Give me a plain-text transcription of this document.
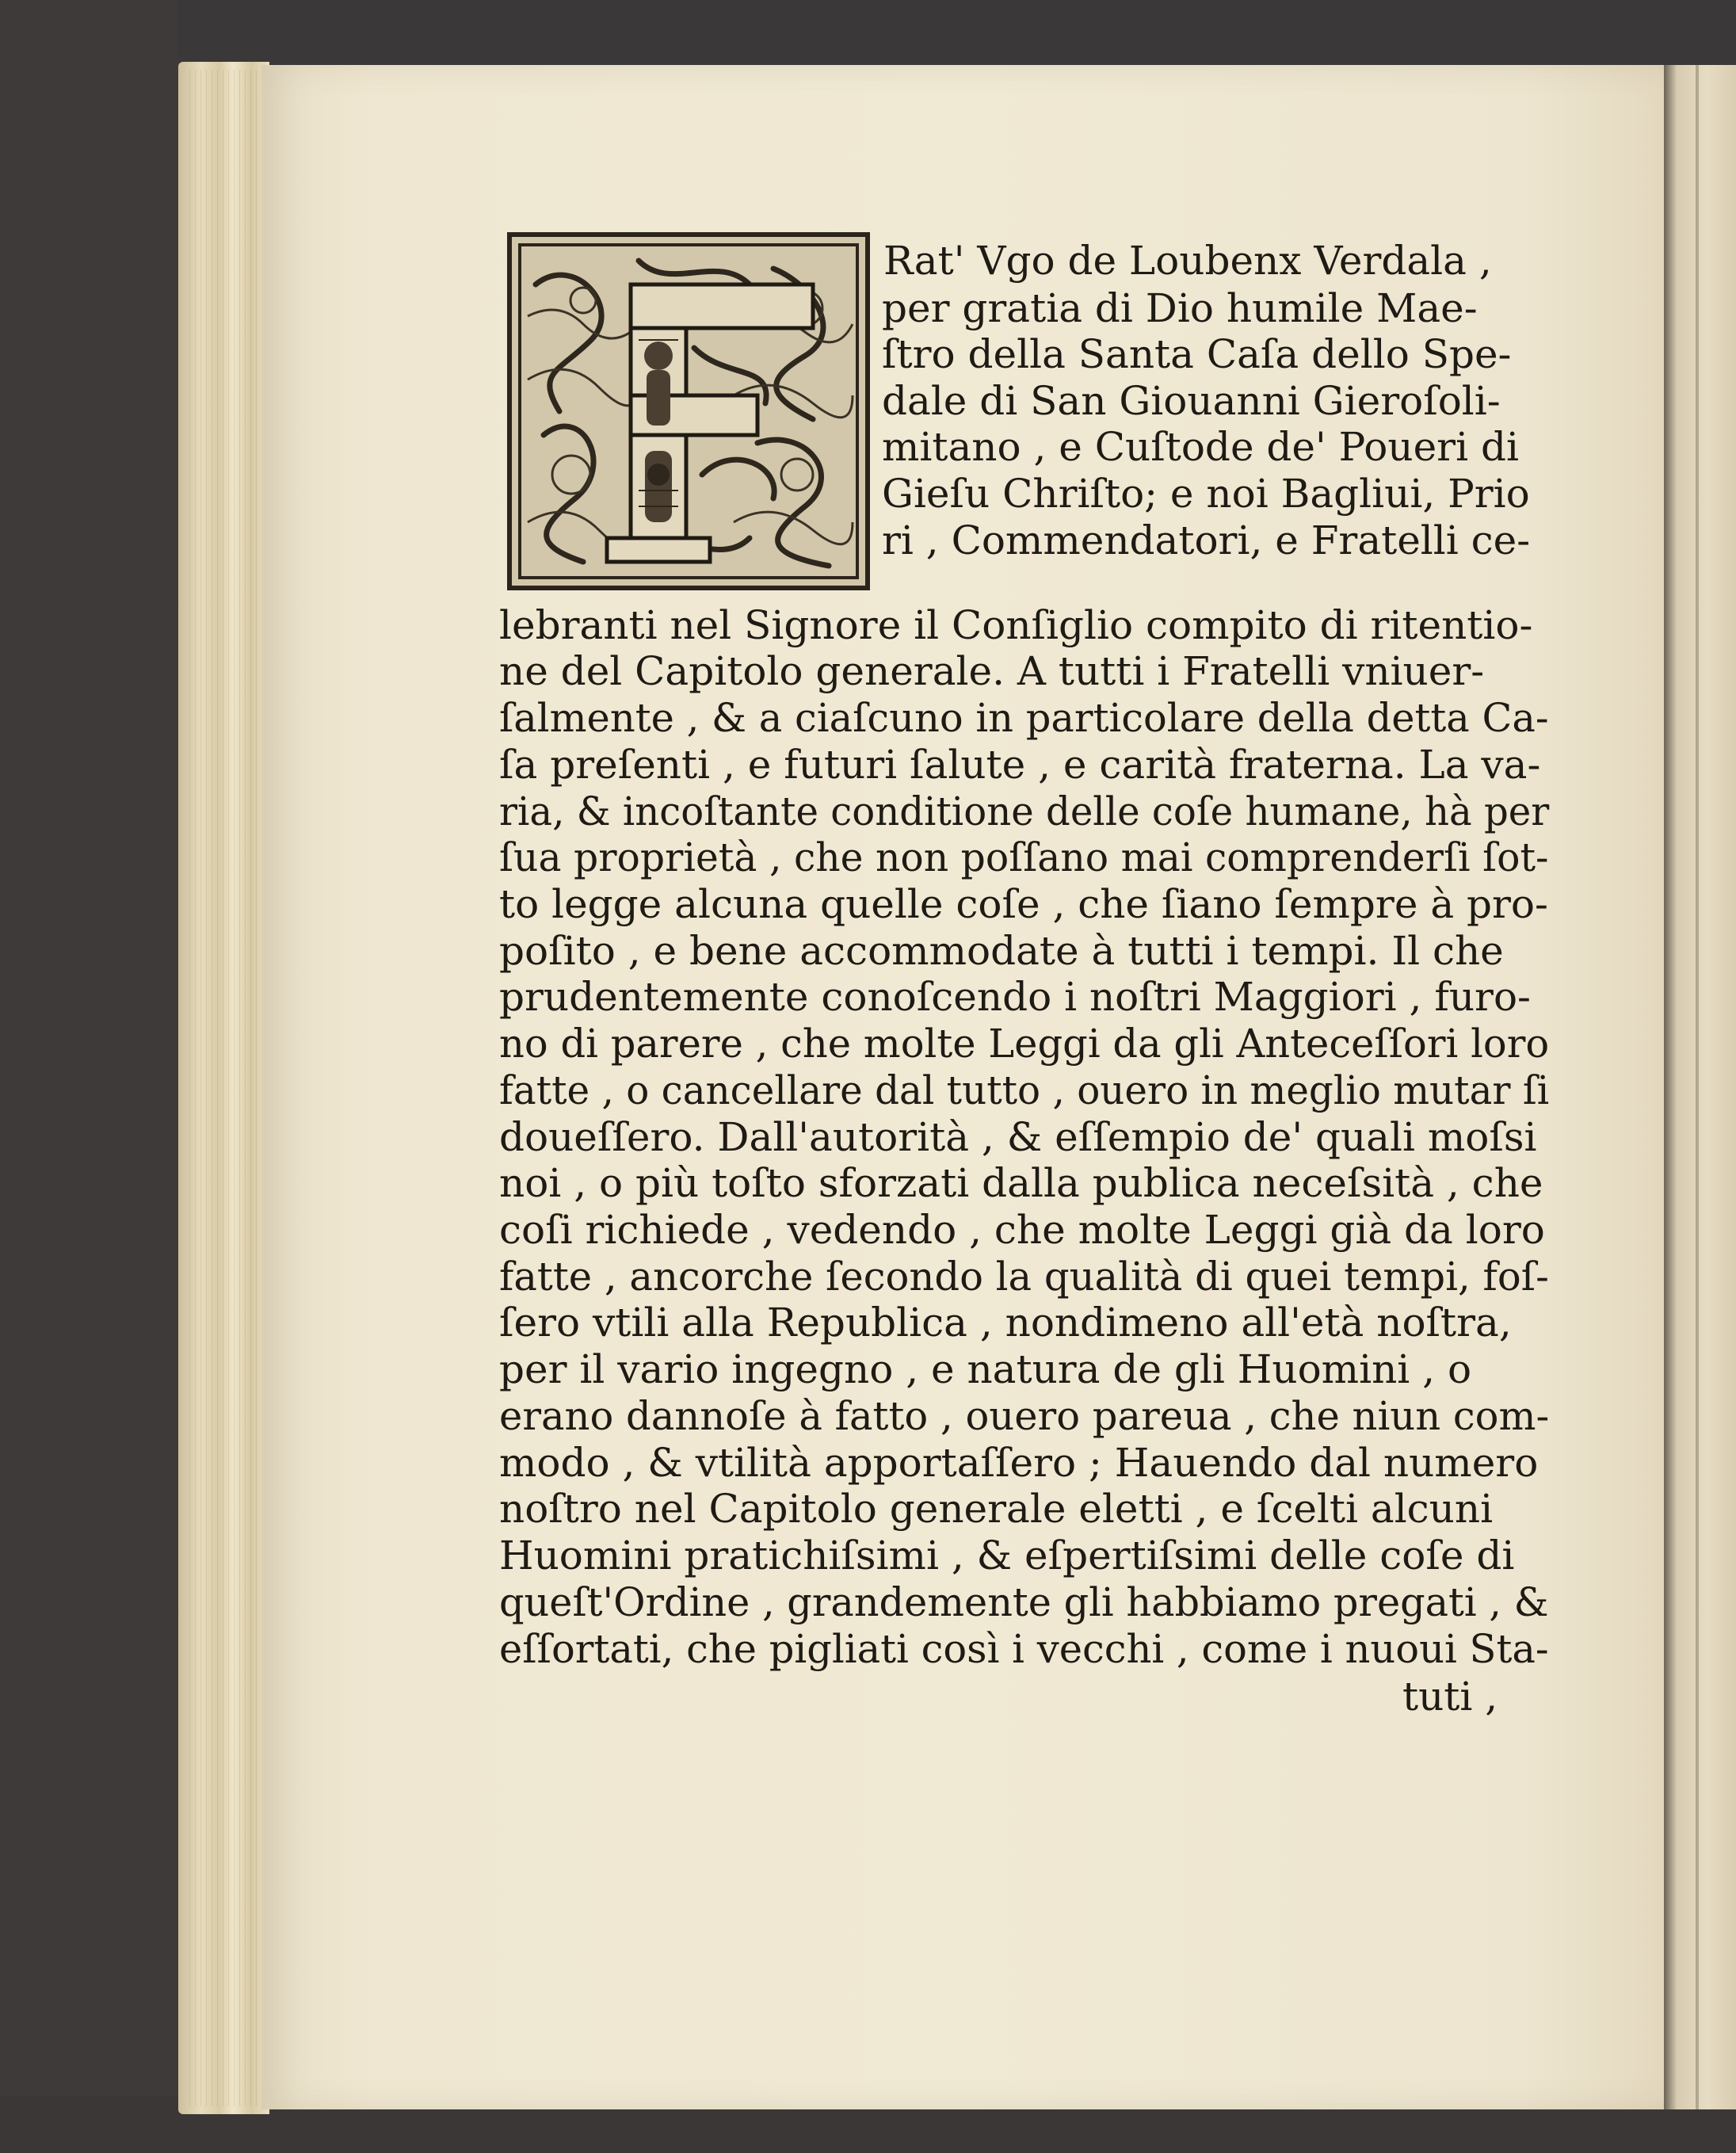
Rat' Vgo de Loubenx Verdala ,
per gratia di Dio humile Mae-
ſtro della Santa Caſa dello Spe-
dale di San Giouanni Gieroſoli-
mitano , e Cuſtode de' Poueri di
Gieſu Chriſto; e noi Bagliui, Prio
ri , Commendatori, e Fratelli ce-
lebranti nel Signore il Conſiglio compito di ritentio-
ne del Capitolo generale. A tutti i Fratelli vniuer-
ſalmente , & a ciaſcuno in particolare della detta Ca-
ſa preſenti , e futuri ſalute , e carità fraterna. La va-
ria, & incoſtante conditione delle coſe humane, hà per
ſua proprietà , che non poſſano mai comprenderſi ſot-
to legge alcuna quelle coſe , che ſiano ſempre à pro-
poſito , e bene accommodate à tutti i tempi. Il che
prudentemente conoſcendo i noſtri Maggiori , furo-
no di parere , che molte Leggi da gli Anteceſſori loro
fatte , o cancellare dal tutto , ouero in meglio mutar ſi
doueſſero. Dall'autorità , & eſſempio de' quali moſsi
noi , o più toſto sforzati dalla publica neceſsità , che
coſi richiede , vedendo , che molte Leggi già da loro
fatte , ancorche ſecondo la qualità di quei tempi, foſ-
ſero vtili alla Republica , nondimeno all'età noſtra,
per il vario ingegno , e natura de gli Huomini , o
erano dannoſe à fatto , ouero pareua , che niun com-
modo , & vtilità apportaſſero ; Hauendo dal numero
noſtro nel Capitolo generale eletti , e ſcelti alcuni
Huomini pratichiſsimi , & eſpertiſsimi delle coſe di
queſt'Ordine , grandemente gli habbiamo pregati , &
eſſortati, che pigliati così i vecchi , come i nuoui Sta-
tuti ,
